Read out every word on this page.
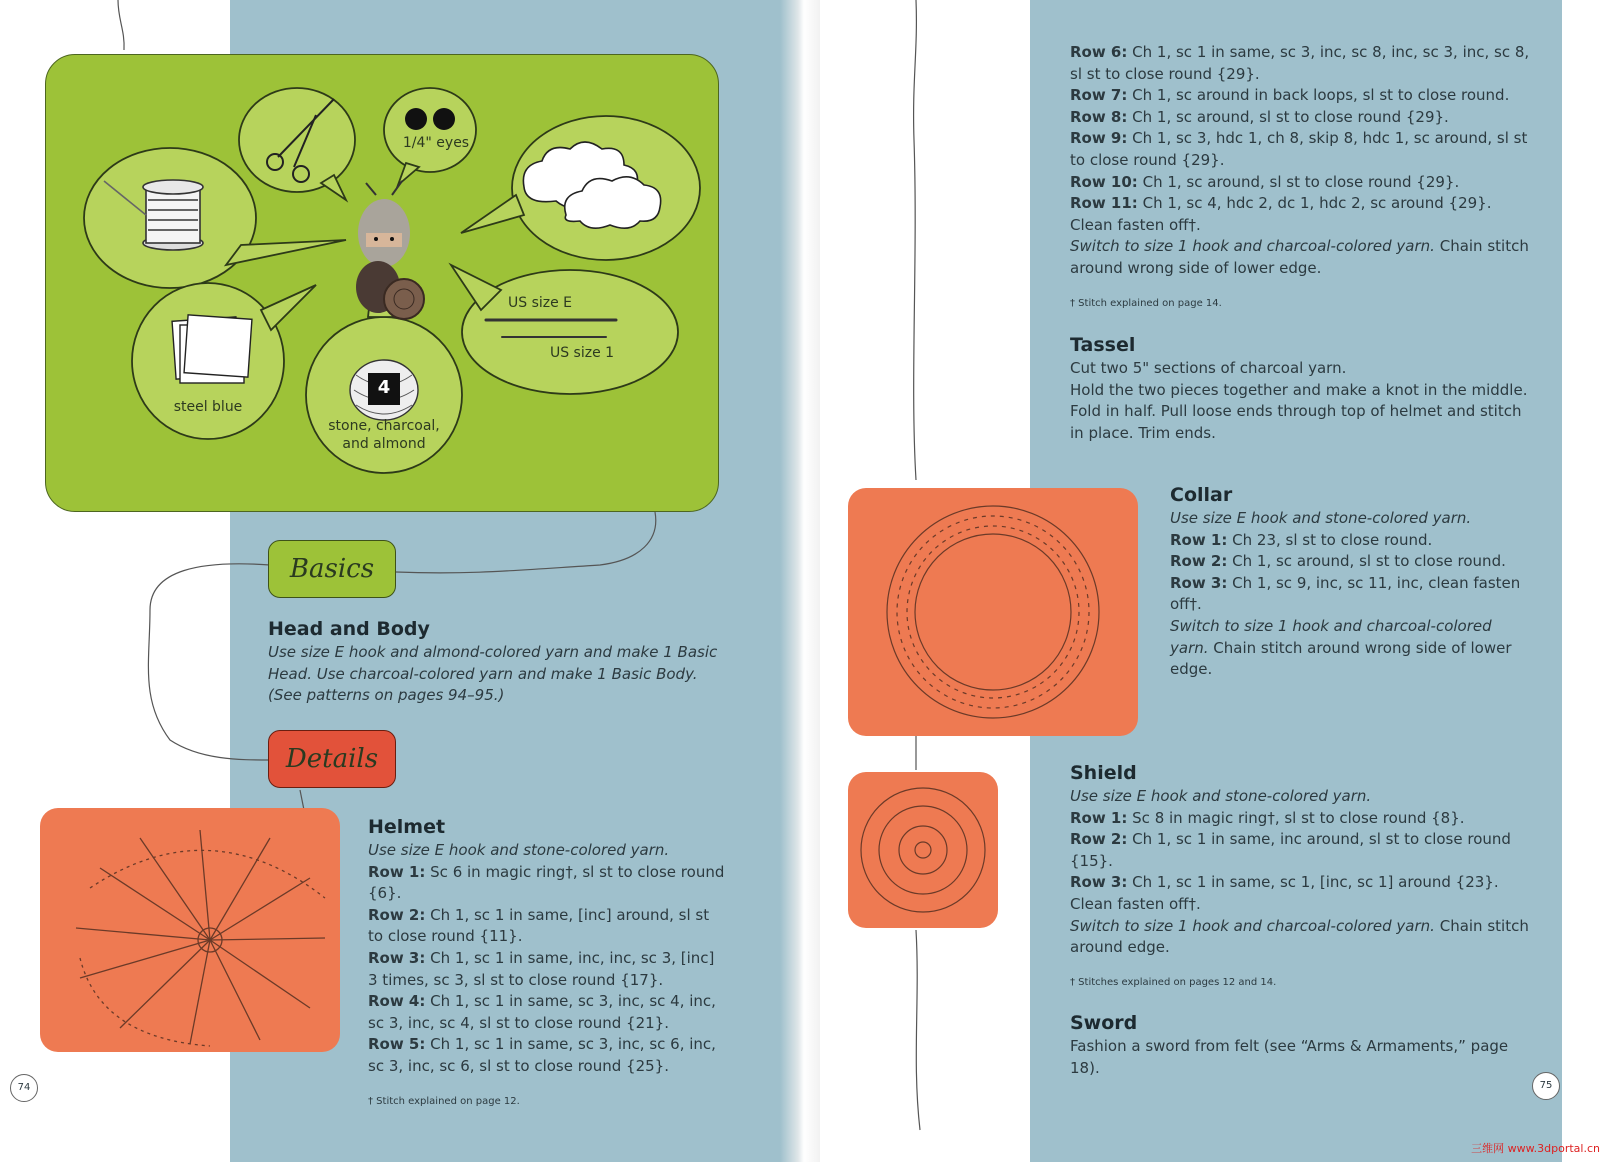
1/4" eyes
US size E
US size 1
4
stone, charcoal, and almond
steel blue
Basics
Head and Body
Use size E hook and almond-colored yarn and make 1 Basic Head. Use charcoal-colored yarn and make 1 Basic Body. (See patterns on pages 94–95.)
Details
Helmet
Use size E hook and stone-colored yarn.
Row 1: Sc 6 in magic ring†, sl st to close round {6}.
Row 2: Ch 1, sc 1 in same, [inc] around, sl st to close round {11}.
Row 3: Ch 1, sc 1 in same, inc, inc, sc 3, [inc] 3 times, sc 3, sl st to close round {17}.
Row 4: Ch 1, sc 1 in same, sc 3, inc, sc 4, inc, sc 3, inc, sc 4, sl st to close round {21}.
Row 5: Ch 1, sc 1 in same, sc 3, inc, sc 6, inc, sc 3, inc, sc 6, sl st to close round {25}.
† Stitch explained on page 12.
74
Row 6: Ch 1, sc 1 in same, sc 3, inc, sc 8, inc, sc 3, inc, sc 8, sl st to close round {29}.
Row 7: Ch 1, sc around in back loops, sl st to close round.
Row 8: Ch 1, sc around, sl st to close round {29}.
Row 9: Ch 1, sc 3, hdc 1, ch 8, skip 8, hdc 1, sc around, sl st to close round {29}.
Row 10: Ch 1, sc around, sl st to close round {29}.
Row 11: Ch 1, sc 4, hdc 2, dc 1, hdc 2, sc around {29}. Clean fasten off†.
Switch to size 1 hook and charcoal-colored yarn. Chain stitch around wrong side of lower edge.
† Stitch explained on page 14.
Tassel
Cut two 5" sections of charcoal yarn.
Hold the two pieces together and make a knot in the middle. Fold in half. Pull loose ends through top of helmet and stitch in place. Trim ends.
Collar
Use size E hook and stone-colored yarn.
Row 1: Ch 23, sl st to close round.
Row 2: Ch 1, sc around, sl st to close round.
Row 3: Ch 1, sc 9, inc, sc 11, inc, clean fasten off†.
Switch to size 1 hook and charcoal-colored yarn. Chain stitch around wrong side of lower edge.
Shield
Use size E hook and stone-colored yarn.
Row 1: Sc 8 in magic ring†, sl st to close round {8}.
Row 2: Ch 1, sc 1 in same, inc around, sl st to close round {15}.
Row 3: Ch 1, sc 1 in same, sc 1, [inc, sc 1] around {23}. Clean fasten off†.
Switch to size 1 hook and charcoal-colored yarn. Chain stitch around edge.
† Stitches explained on pages 12 and 14.
Sword
Fashion a sword from felt (see “Arms & Armaments,” page 18).
75
三维网 www.3dportal.cn
